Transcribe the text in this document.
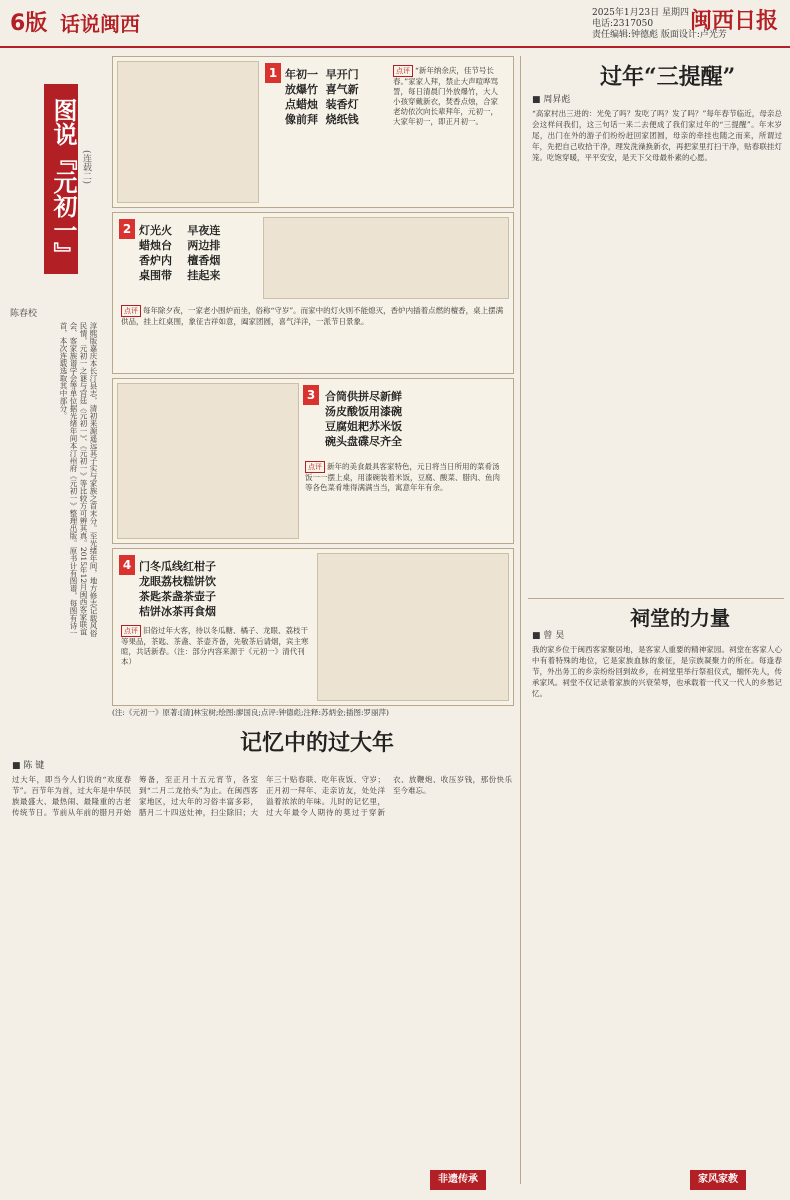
6版 话说闽西	2025年1月23日 星期四
电话:2317050
责任编辑:钟德彪 版面设计:卢光芳
闽西日报
图说『元初一』 (连载二)
陈春校
淳熙版嘉庆本长汀县志，清初来源遥远其子实与家族之首末分。至光绪年间，地方修志记载风俗民情，元初一之谜与宫廷《元初一》、《元初一》等比较方可辨其真。2015年12月闽西客家联谊会、客家族谱学会等单位据光绪年间本汀州府《元初一》整理出版。原书计有图谱，每图有诗一首，本次连载选取其中部分。
1 年初一  早开门
放爆竹  喜气新
点蜡烛  装香灯
像前拜  烧纸钱
点评 “新年纳余庆，佳节号长春。”家家人拜，禁止大声喧哗骂詈，每日清晨门外放爆竹，大人小孩穿戴新衣，焚香点烛，合家老幼依次向长辈拜年，元初一，大家年初一，即正月初一。
2 灯光火    早夜连
蜡烛台    两边排
香炉内    檀香烟
桌围带    挂起来
点评 每年除夕夜，一家老小围炉而坐，俗称“守岁”。而家中的灯火则不能熄灭，香炉内插着点燃的檀香，桌上摆满供品，挂上红桌围，象征吉祥如意，阖家团圆，喜气洋洋，一派节日景象。
3 合筒供拼尽新鲜
汤皮酸饭用漆碗
豆腐姐耙苏米饭
碗头盘碟尽齐全
点评 新年的美食最具客家特色，元日将当日所用的菜肴汤饭一一摆上桌，用漆碗装着米饭，豆腐、酸菜、腊肉、鱼肉等各色菜肴堆得满满当当，寓意年年有余。
4 门冬瓜线红柑子
龙眼荔枝糕饼饮
茶匙茶盏茶壶子
桔饼冰茶再食烟
点评 旧俗过年大客，待以冬瓜糖、橘子、龙眼、荔枝干等果品，茶匙、茶盏、茶壶齐备，先敬茶后请烟，宾主寒暄，共话新春。（注：部分内容来源于《元初一》清代刊本）
(注:《元初一》原著:[清]林宝树;绘图:廖国良;点评:钟德彪;注释:苏炳金;插图:罗丽萍)
过年“三提醒”
■ 周昇彪
“高家村出三进的：光免了吗？发吃了吗？发了吗？”每年春节临近，母亲总会这样问我们，这三句话一来二去便成了我们家过年的“三提醒”。年末岁尾，出门在外的游子们纷纷赶回家团圆，母亲的牵挂也随之而来，所谓过年，先把自己收拾干净，理发洗澡换新衣，再把家里打扫干净，贴春联挂灯笼。吃饱穿暖，平平安安，是天下父母最朴素的心愿。
祠堂的力量
■ 曾 昊
我的家乡位于闽西客家聚居地，是客家人重要的精神家园。祠堂在客家人心中有着特殊的地位，它是家族血脉的象征，是宗族凝聚力的所在。每逢春节，外出务工的乡亲纷纷回到故乡，在祠堂里举行祭祖仪式，缅怀先人，传承家风。祠堂不仅记录着家族的兴衰荣辱，也承载着一代又一代人的乡愁记忆。
记忆中的过大年
■ 陈 键
过大年，即当今人们说的“欢度春节”。百节年为首，过大年是中华民族最盛大、最热闹、最隆重的古老传统节日。节前从年前的腊月开始筹备，至正月十五元宵节，各室到“二月二龙抬头”为止。在闽西客家地区，过大年的习俗丰富多彩，腊月二十四送灶神，扫尘除旧；大年三十贴春联、吃年夜饭、守岁；正月初一拜年、走亲访友，处处洋溢着浓浓的年味。儿时的记忆里，过大年最令人期待的莫过于穿新衣、放鞭炮、收压岁钱，那份快乐至今难忘。
非遗传承	家风家教
